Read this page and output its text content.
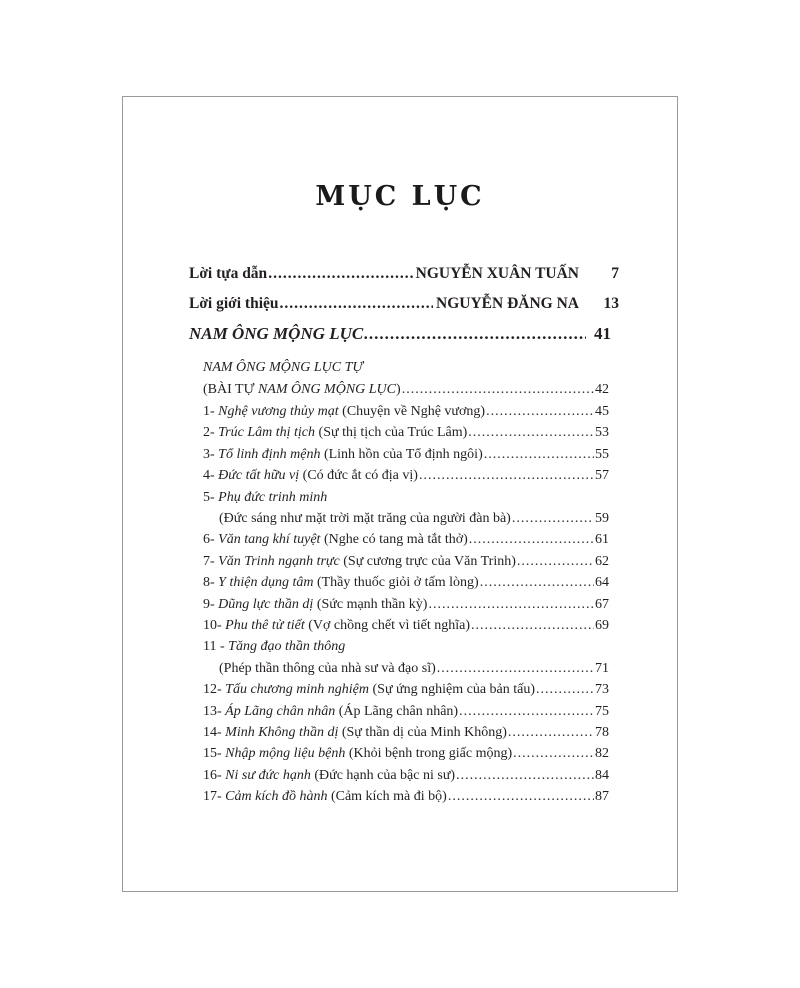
MỤC LỤC
Lời tựa dẫn .....	NGUYỄN XUÂN TUẤN	7
Lời giới thiệu .....	NGUYỄN ĐĂNG NA	13
NAM ÔNG MỘNG LỤC .....	41
NAM ÔNG MỘNG LỤC TỰ
(BÀI TỰ NAM ÔNG MỘNG LỤC) .....	42
1- Nghệ vương thủy mạt (Chuyện về Nghệ vương) .....	45
2- Trúc Lâm thị tịch (Sự thị tịch của Trúc Lâm) .....	53
3- Tổ linh định mệnh (Linh hồn của Tổ định ngôi) .....	55
4- Đức tất hữu vị (Có đức ắt có địa vị) .....	57
5- Phụ đức trinh minh
(Đức sáng như mặt trời mặt trăng của người đàn bà) .....	59
6- Văn tang khí tuyệt (Nghe có tang mà tắt thở) .....	61
7- Văn Trinh ngạnh trực (Sự cương trực của Văn Trinh) .....	62
8- Y thiện dụng tâm (Thầy thuốc giỏi ở tấm lòng) .....	64
9- Dũng lực thần dị (Sức mạnh thần kỳ) .....	67
10- Phu thê tử tiết (Vợ chồng chết vì tiết nghĩa) .....	69
11 - Tăng đạo thần thông
(Phép thần thông của nhà sư và đạo sĩ) .....	71
12- Tấu chương minh nghiệm (Sự ứng nghiệm của bản tấu) .....	73
13- Áp Lãng chân nhân (Áp Lãng chân nhân) .....	75
14- Minh Không thần dị (Sự thần dị của Minh Không) .....	78
15- Nhập mộng liệu bệnh (Khỏi bệnh trong giấc mộng) .....	82
16- Ni sư đức hạnh (Đức hạnh của bậc ni sư) .....	84
17- Cảm kích đồ hành (Cảm kích mà đi bộ) .....	87
